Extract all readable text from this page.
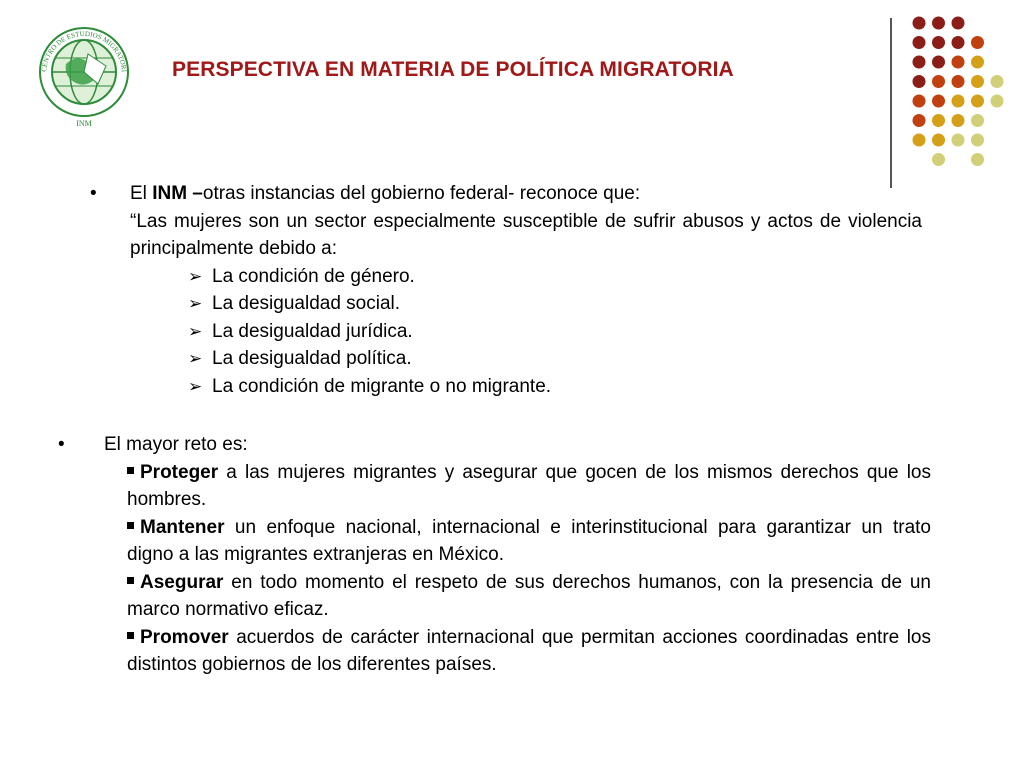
CENTRO DE ESTUDIOS MIGRATORI
INM
PERSPECTIVA EN MATERIA DE POLÍTICA MIGRATORIA
•	El INM –otras instancias del gobierno federal- reconoce que:
“Las mujeres son un sector especialmente susceptible de sufrir abusos y actos de violencia principalmente debido a:
➢ La condición de género.
➢ La desigualdad social.
➢ La desigualdad jurídica.
➢ La desigualdad política.
➢ La condición de migrante o no migrante.
•	El mayor reto es:
Proteger a las mujeres migrantes y asegurar que gocen de los mismos derechos que los hombres.
Mantener un enfoque nacional, internacional e interinstitucional para garantizar un trato digno a las migrantes extranjeras en México.
Asegurar en todo momento el respeto de sus derechos humanos, con la presencia de un marco normativo eficaz.
Promover acuerdos de carácter internacional que permitan acciones coordinadas entre los distintos gobiernos de los diferentes países.
